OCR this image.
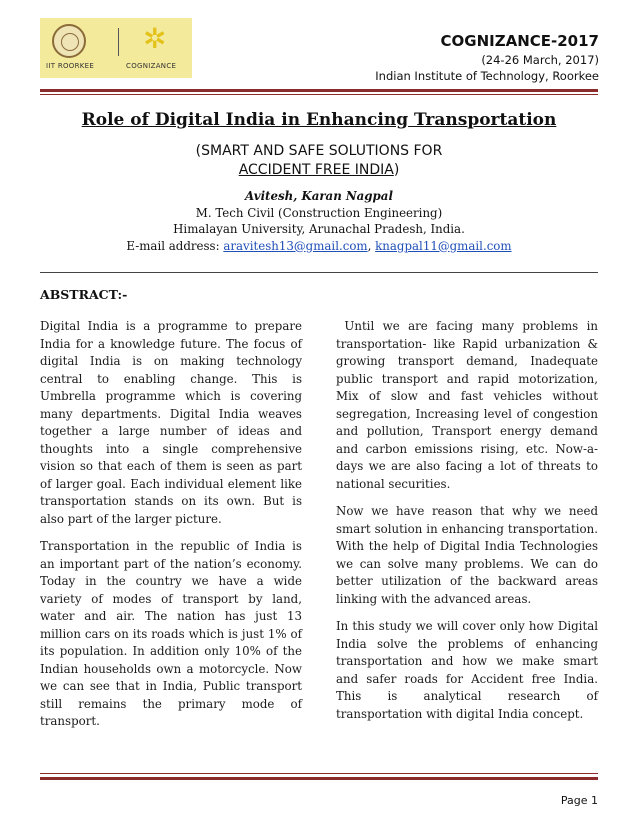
✲
IIT ROORKEE	COGNIZANCE
COGNIZANCE-2017
(24-26 March, 2017)
Indian Institute of Technology, Roorkee
Role of Digital India in Enhancing Transportation
(SMART AND SAFE SOLUTIONS FOR
ACCIDENT FREE INDIA)
Avitesh, Karan Nagpal
M. Tech Civil (Construction Engineering)
Himalayan University, Arunachal Pradesh, India.
E-mail address: aravitesh13@gmail.com, knagpal11@gmail.com
ABSTRACT:-

Digital India is a programme to prepare India for a knowledge future. The focus of digital India is on making technology central to enabling change. This is Umbrella programme which is covering many departments. Digital India weaves together a large number of ideas and thoughts into a single comprehensive vision so that each of them is seen as part of larger goal. Each individual element like transportation stands on its own. But is also part of the larger picture.

Transportation in the republic of India is an important part of the nation’s economy. Today in the country we have a wide variety of modes of transport by land, water and air. The nation has just 13 million cars on its roads which is just 1% of its population. In addition only 10% of the Indian households own a motorcycle. Now we can see that in India, Public transport still remains the primary mode of transport.

Until we are facing many problems in transportation- like Rapid urbanization & growing transport demand, Inadequate public transport and rapid motorization, Mix of slow and fast vehicles without segregation, Increasing level of congestion and pollution, Transport energy demand and carbon emissions rising, etc. Now-a-days we are also facing a lot of threats to national securities.

Now we have reason that why we need smart solution in enhancing transportation. With the help of Digital India Technologies we can solve many problems. We can do better utilization of the backward areas linking with the advanced areas.

In this study we will cover only how Digital India solve the problems of enhancing transportation and how we make smart and safer roads for Accident free India. This is analytical research of transportation with digital India concept.

Page 1
